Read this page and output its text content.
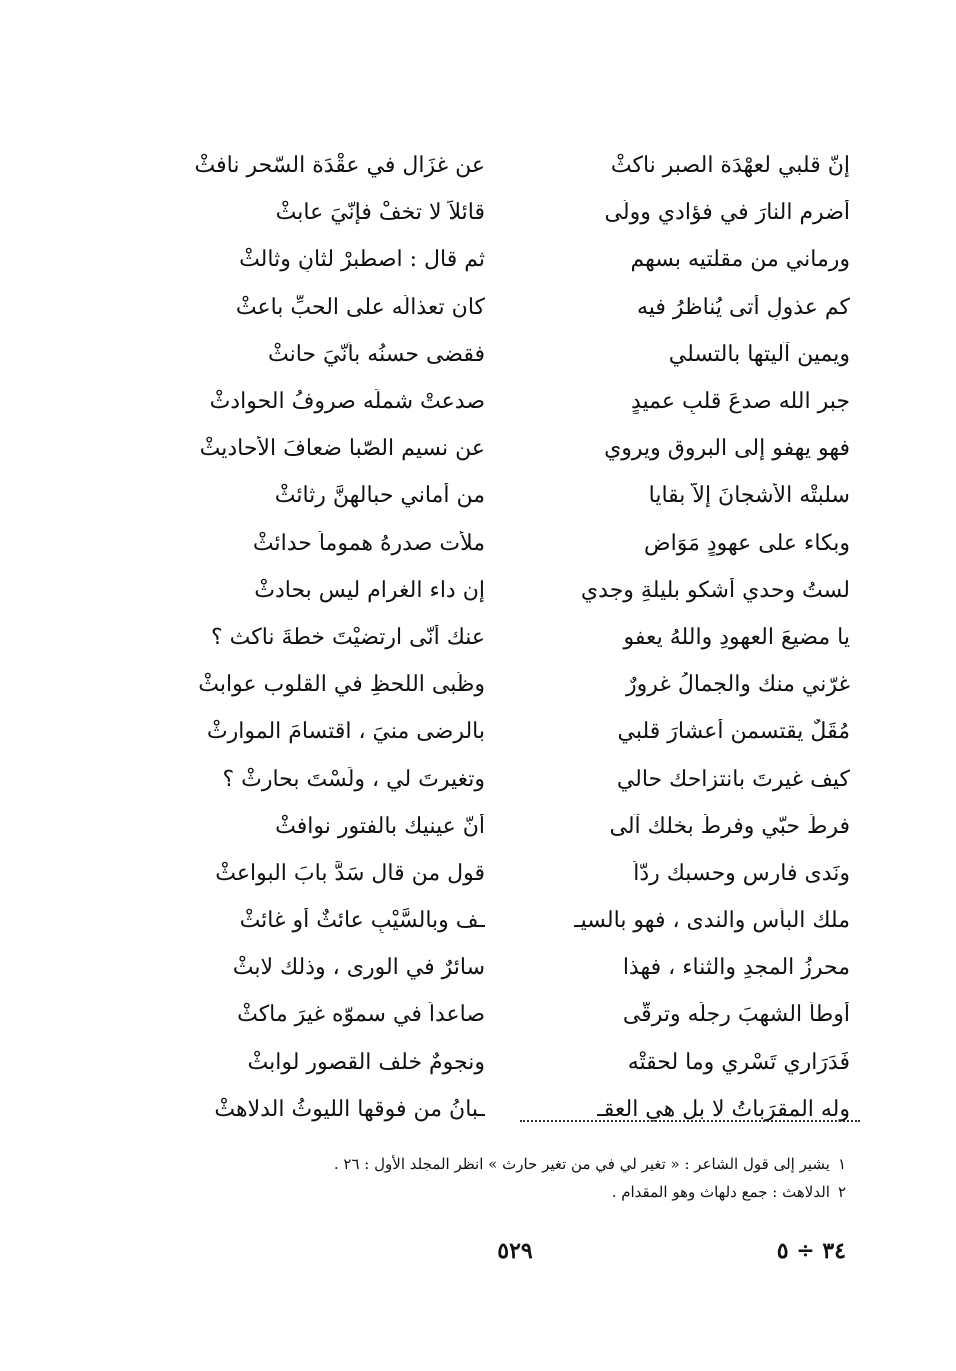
إنّ قلبي لعهْدَة الصبر ناكثْ
عن غزَال في عقْدَة السّحرِ نافثْ
أضرم النارَ في فؤادي وولّى
قائلاً لا تخفْ فإنّيَ عابثْ
ورماني من مقلتيه بسهمٍ
ثم قال : اصطبرْ لثانٍ وثالثْ
كم عذولٍ أتى يُناظرُ فيه
كان تعذالُه على الحبِّ باعثْ
ويمين آليتها بالتسلي
فقضى حسنُه بأنّيَ حانثْ
جبر الله صدعَ قلبِ عميدٍ
صدعتْ شملَه صروفُ الحوادثْ
فهو يهفو إلى البروقِ ويروي
عن نسيم الصّبا ضعافَ الأحاديثْ
سلبتْه الأشجانَ إلاّ بقايا
من أماني حبالهنَّ رثائثْ
وبكاء على عهودٍ مَوَاضٍ
ملأت صدرهُ هموماً حدائثْ
لستُ وحدي أشكو بليلةِ وجدي
إن داء الغرام ليس بحادثْ
يا مضيعَ العهودِ واللهُ يعفو
عنك أنّى ارتضيْتَ خطةَ ناكث ؟
غرّني منك والجمالُ غرورٌ
وظُبى اللحظِ في القلوب عوابثْ
مُقَلٌ يقتسمن أعشارَ قلبي
بالرضى منيَ ، اقتسامَ الموارثْ
كيف غيرتَ بانتزاحك حالي
وتغيرتَ لي ، ولَسْتَ بحارثْ ؟
فرطُ حبّي وفرطُ بخلك آلى
أنّ عينيك بالفتورِ نوافثْ
ونَدى فارس وحسبك ردّاً
قول من قال سَدَّ بابَ البواعثْ
ملك البأس والندى ، فهو بالسيـ
ـف وبالسَّيْبِ عائثٌ أو غائثْ
محرزُ المجدِ والثناء ، فهذا
سائرٌ في الورى ، وذلك لابثْ
أوطأ الشهبَ رجلَه وترقّى
صاعداً في سموّه غيرَ ماكثْ
فَدَرَاري تَسْري وما لحقتْه
ونجومٌ خلف القصور لوابثْ
وله المقرَباتُ لا بل هي العقـ
ـبانُ من فوقها الليوثُ الدلاهثْ
١يشير إلى قول الشاعر : « تغير لي في من تغير حارث » انظر المجلد الأول : ٢٦ .
٢الدلاهث : جمع دلهاث وهو المقدام .
٥٢٩	٣٤ ÷ ٥
